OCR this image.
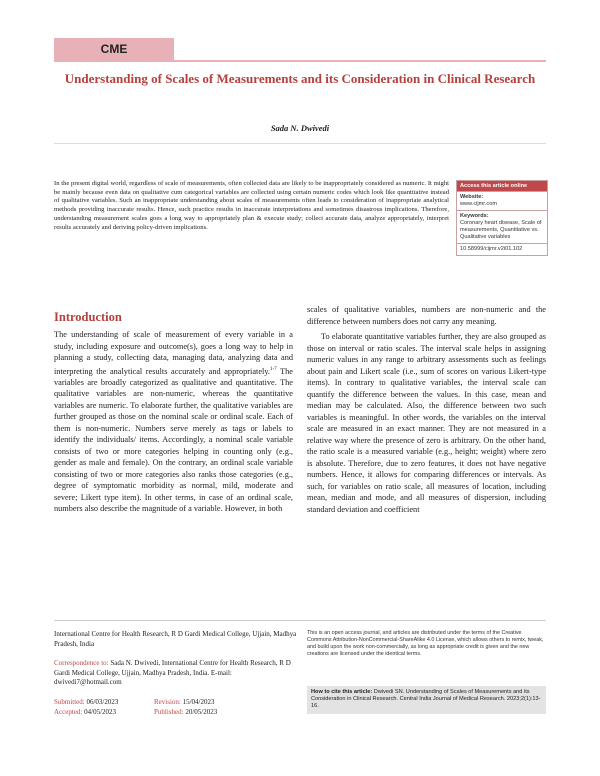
CME
Understanding of Scales of Measurements and its Consideration in Clinical Research
Sada N. Dwivedi
In the present digital world, regardless of scale of measurements, often collected data are likely to be inappropriately considered as numeric. It might be mainly because even data on qualitative cum categorical variables are collected using certain numeric codes which look like quantitative instead of qualitative variables. Such an inappropriate understanding about scales of measurements often leads to consideration of inappropriate analytical methods providing inaccurate results. Hence, such practice results in inaccurate interpretations and sometimes disastrous implications. Therefore, understanding measurement scales goes a long way to appropriately plan & execute study; collect accurate data, analyze appropriately, interpret results accurately and deriving policy-driven implications.
Access this article online
Website:
www.cijmr.com
Keywords:
Coronary heart disease, Scale of measurements, Quantitative vs. Qualitative variables
10.58999/cijmr.v2i01.102
Introduction

The understanding of scale of measurement of every variable in a study, including exposure and outcome(s), goes a long way to help in planning a study, collecting data, managing data, analyzing data and interpreting the analytical results accurately and appropriately.$^{1-7}$ The variables are broadly categorized as qualitative and quantitative. The qualitative variables are non-numeric, whereas the quantitative variables are numeric. To elaborate further, the qualitative variables are further grouped as those on the nominal scale or ordinal scale. Each of them is non-numeric. Numbers serve merely as tags or labels to identify the individuals/ items. Accordingly, a nominal scale variable consists of two or more categories helping in counting only (e.g., gender as male and female). On the contrary, an ordinal scale variable consisting of two or more categories also ranks those categories (e.g., degree of symptomatic morbidity as normal, mild, moderate and severe; Likert type item). In other terms, in case of an ordinal scale, numbers also describe the magnitude of a variable. However, in both

scales of qualitative variables, numbers are non-numeric and the difference between numbers does not carry any meaning.

To elaborate quantitative variables further, they are also grouped as those on interval or ratio scales. The interval scale helps in assigning numeric values in any range to arbitrary assessments such as feelings about pain and Likert scale (i.e., sum of scores on various Likert-type items). In contrary to qualitative variables, the interval scale can quantify the difference between the values. In this case, mean and median may be calculated. Also, the difference between two such variables is meaningful. In other words, the variables on the interval scale are measured in an exact manner. They are not measured in a relative way where the presence of zero is arbitrary. On the other hand, the ratio scale is a measured variable (e.g., height; weight) where zero is absolute. Therefore, due to zero features, it does not have negative numbers. Hence, it allows for comparing differences or intervals. As such, for variables on ratio scale, all measures of location, including mean, median and mode, and all measures of dispersion, including standard deviation and coefficient

International Centre for Health Research, R D Gardi Medical College, Ujjain, Madhya Pradesh, India
Correspondence to: Sada N. Dwivedi, International Centre for Health Research, R D Gardi Medical College, Ujjain, Madhya Pradesh, India. E-mail: dwivedi7@hotmail.com
Submitted: 06/03/2023	Revision: 15/04/2023
Accepted: 04/05/2023	Published: 20/05/2023
This is an open access journal, and articles are distributed under the terms of the Creative Commons Attribution-NonCommercial-ShareAlike 4.0 License, which allows others to remix, tweak, and build upon the work non-commercially, as long as appropriate credit is given and the new creations are licensed under the identical terms.
How to cite this article: Dwivedi SN. Understanding of Scales of Measurements and its Consideration in Clinical Research. Central India Journal of Medical Research. 2023;2(1):13-16.
